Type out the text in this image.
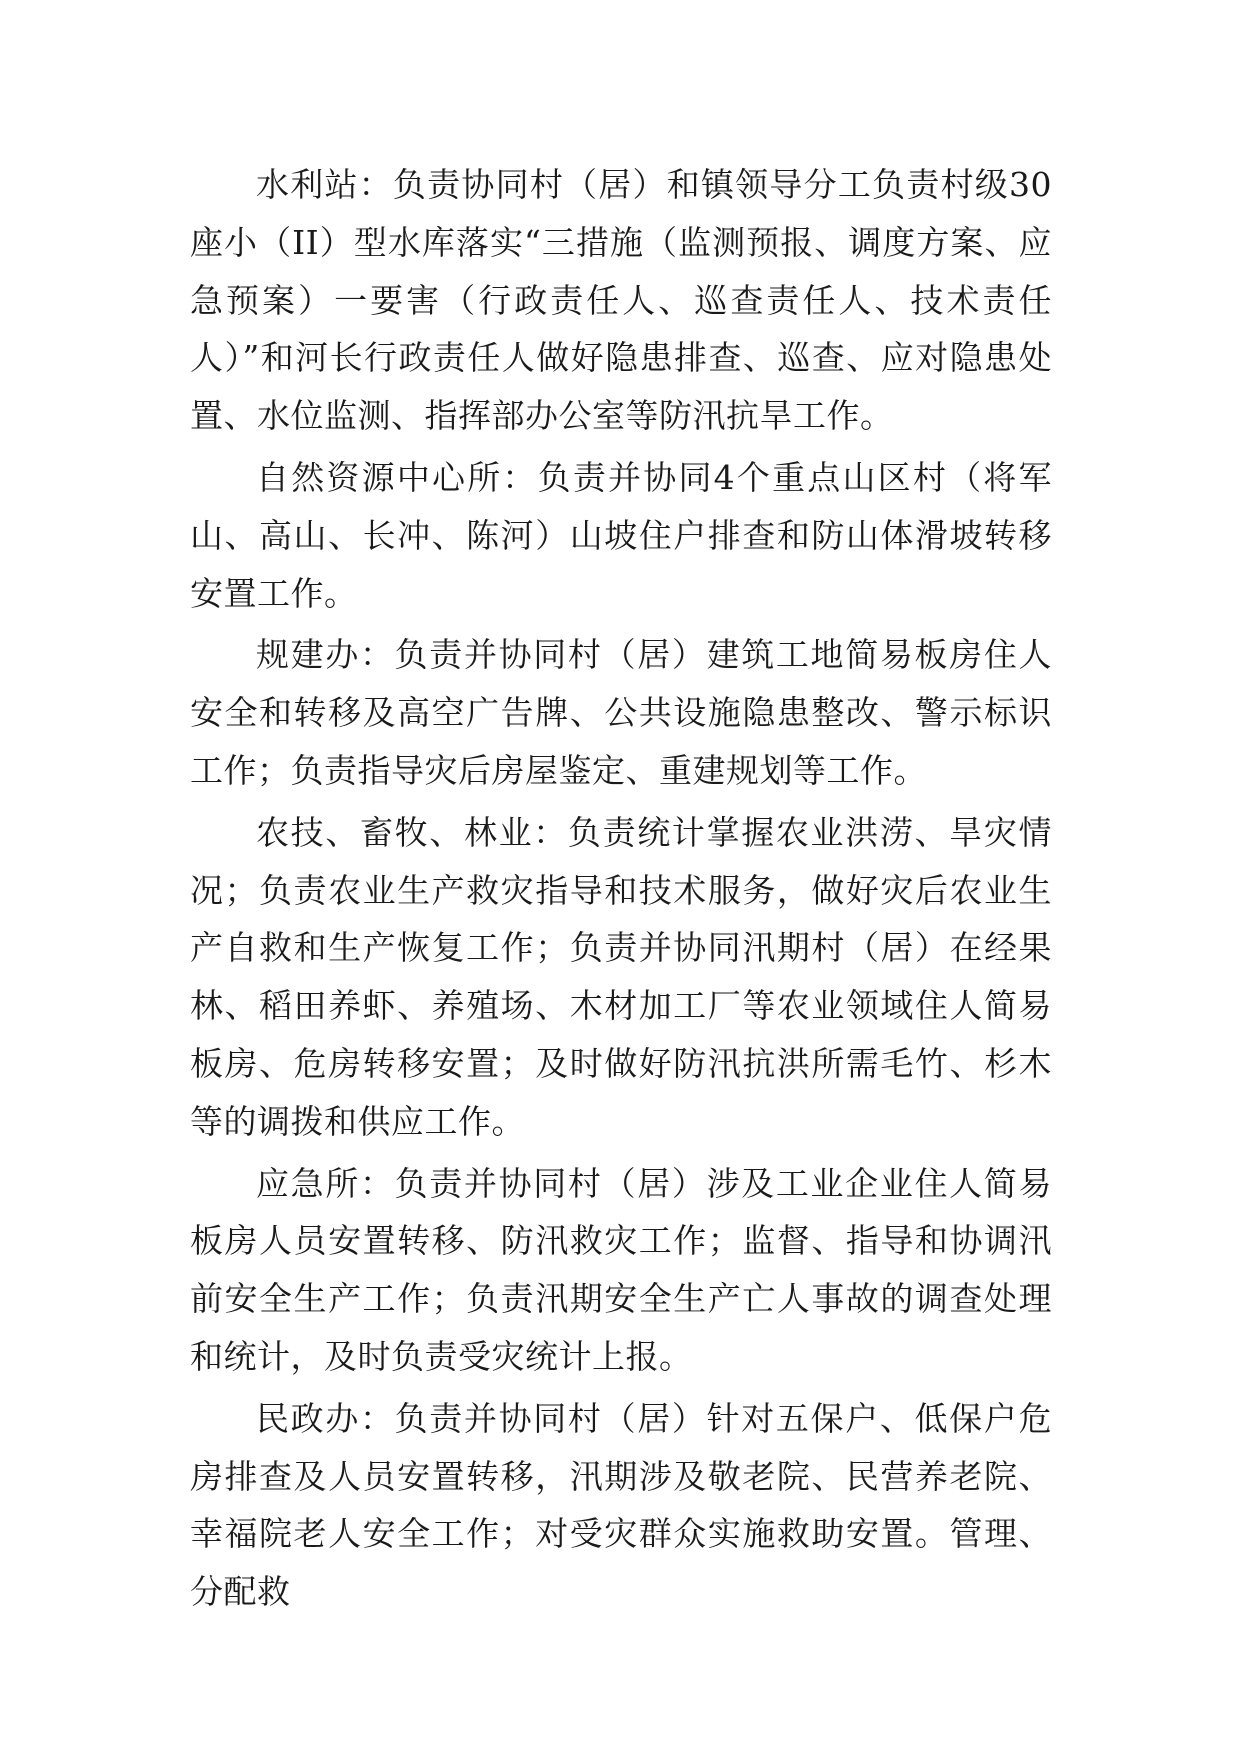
水利站：负责协同村（居）和镇领导分工负责村级30座小（II）型水库落实“三措施（监测预报、调度方案、应急预案）一要害（行政责任人、巡查责任人、技术责任人）”和河长行政责任人做好隐患排查、巡查、应对隐患处置、水位监测、指挥部办公室等防汛抗旱工作。

自然资源中心所：负责并协同4个重点山区村（将军山、高山、长冲、陈河）山坡住户排查和防山体滑坡转移安置工作。

规建办：负责并协同村（居）建筑工地简易板房住人安全和转移及高空广告牌、公共设施隐患整改、警示标识工作；负责指导灾后房屋鉴定、重建规划等工作。

农技、畜牧、林业：负责统计掌握农业洪涝、旱灾情况；负责农业生产救灾指导和技术服务，做好灾后农业生产自救和生产恢复工作；负责并协同汛期村（居）在经果林、稻田养虾、养殖场、木材加工厂等农业领域住人简易板房、危房转移安置；及时做好防汛抗洪所需毛竹、杉木等的调拨和供应工作。

应急所：负责并协同村（居）涉及工业企业住人简易板房人员安置转移、防汛救灾工作；监督、指导和协调汛前安全生产工作；负责汛期安全生产亡人事故的调查处理和统计，及时负责受灾统计上报。

民政办：负责并协同村（居）针对五保户、低保户危房排查及人员安置转移，汛期涉及敬老院、民营养老院、幸福院老人安全工作；对受灾群众实施救助安置。管理、分配救
